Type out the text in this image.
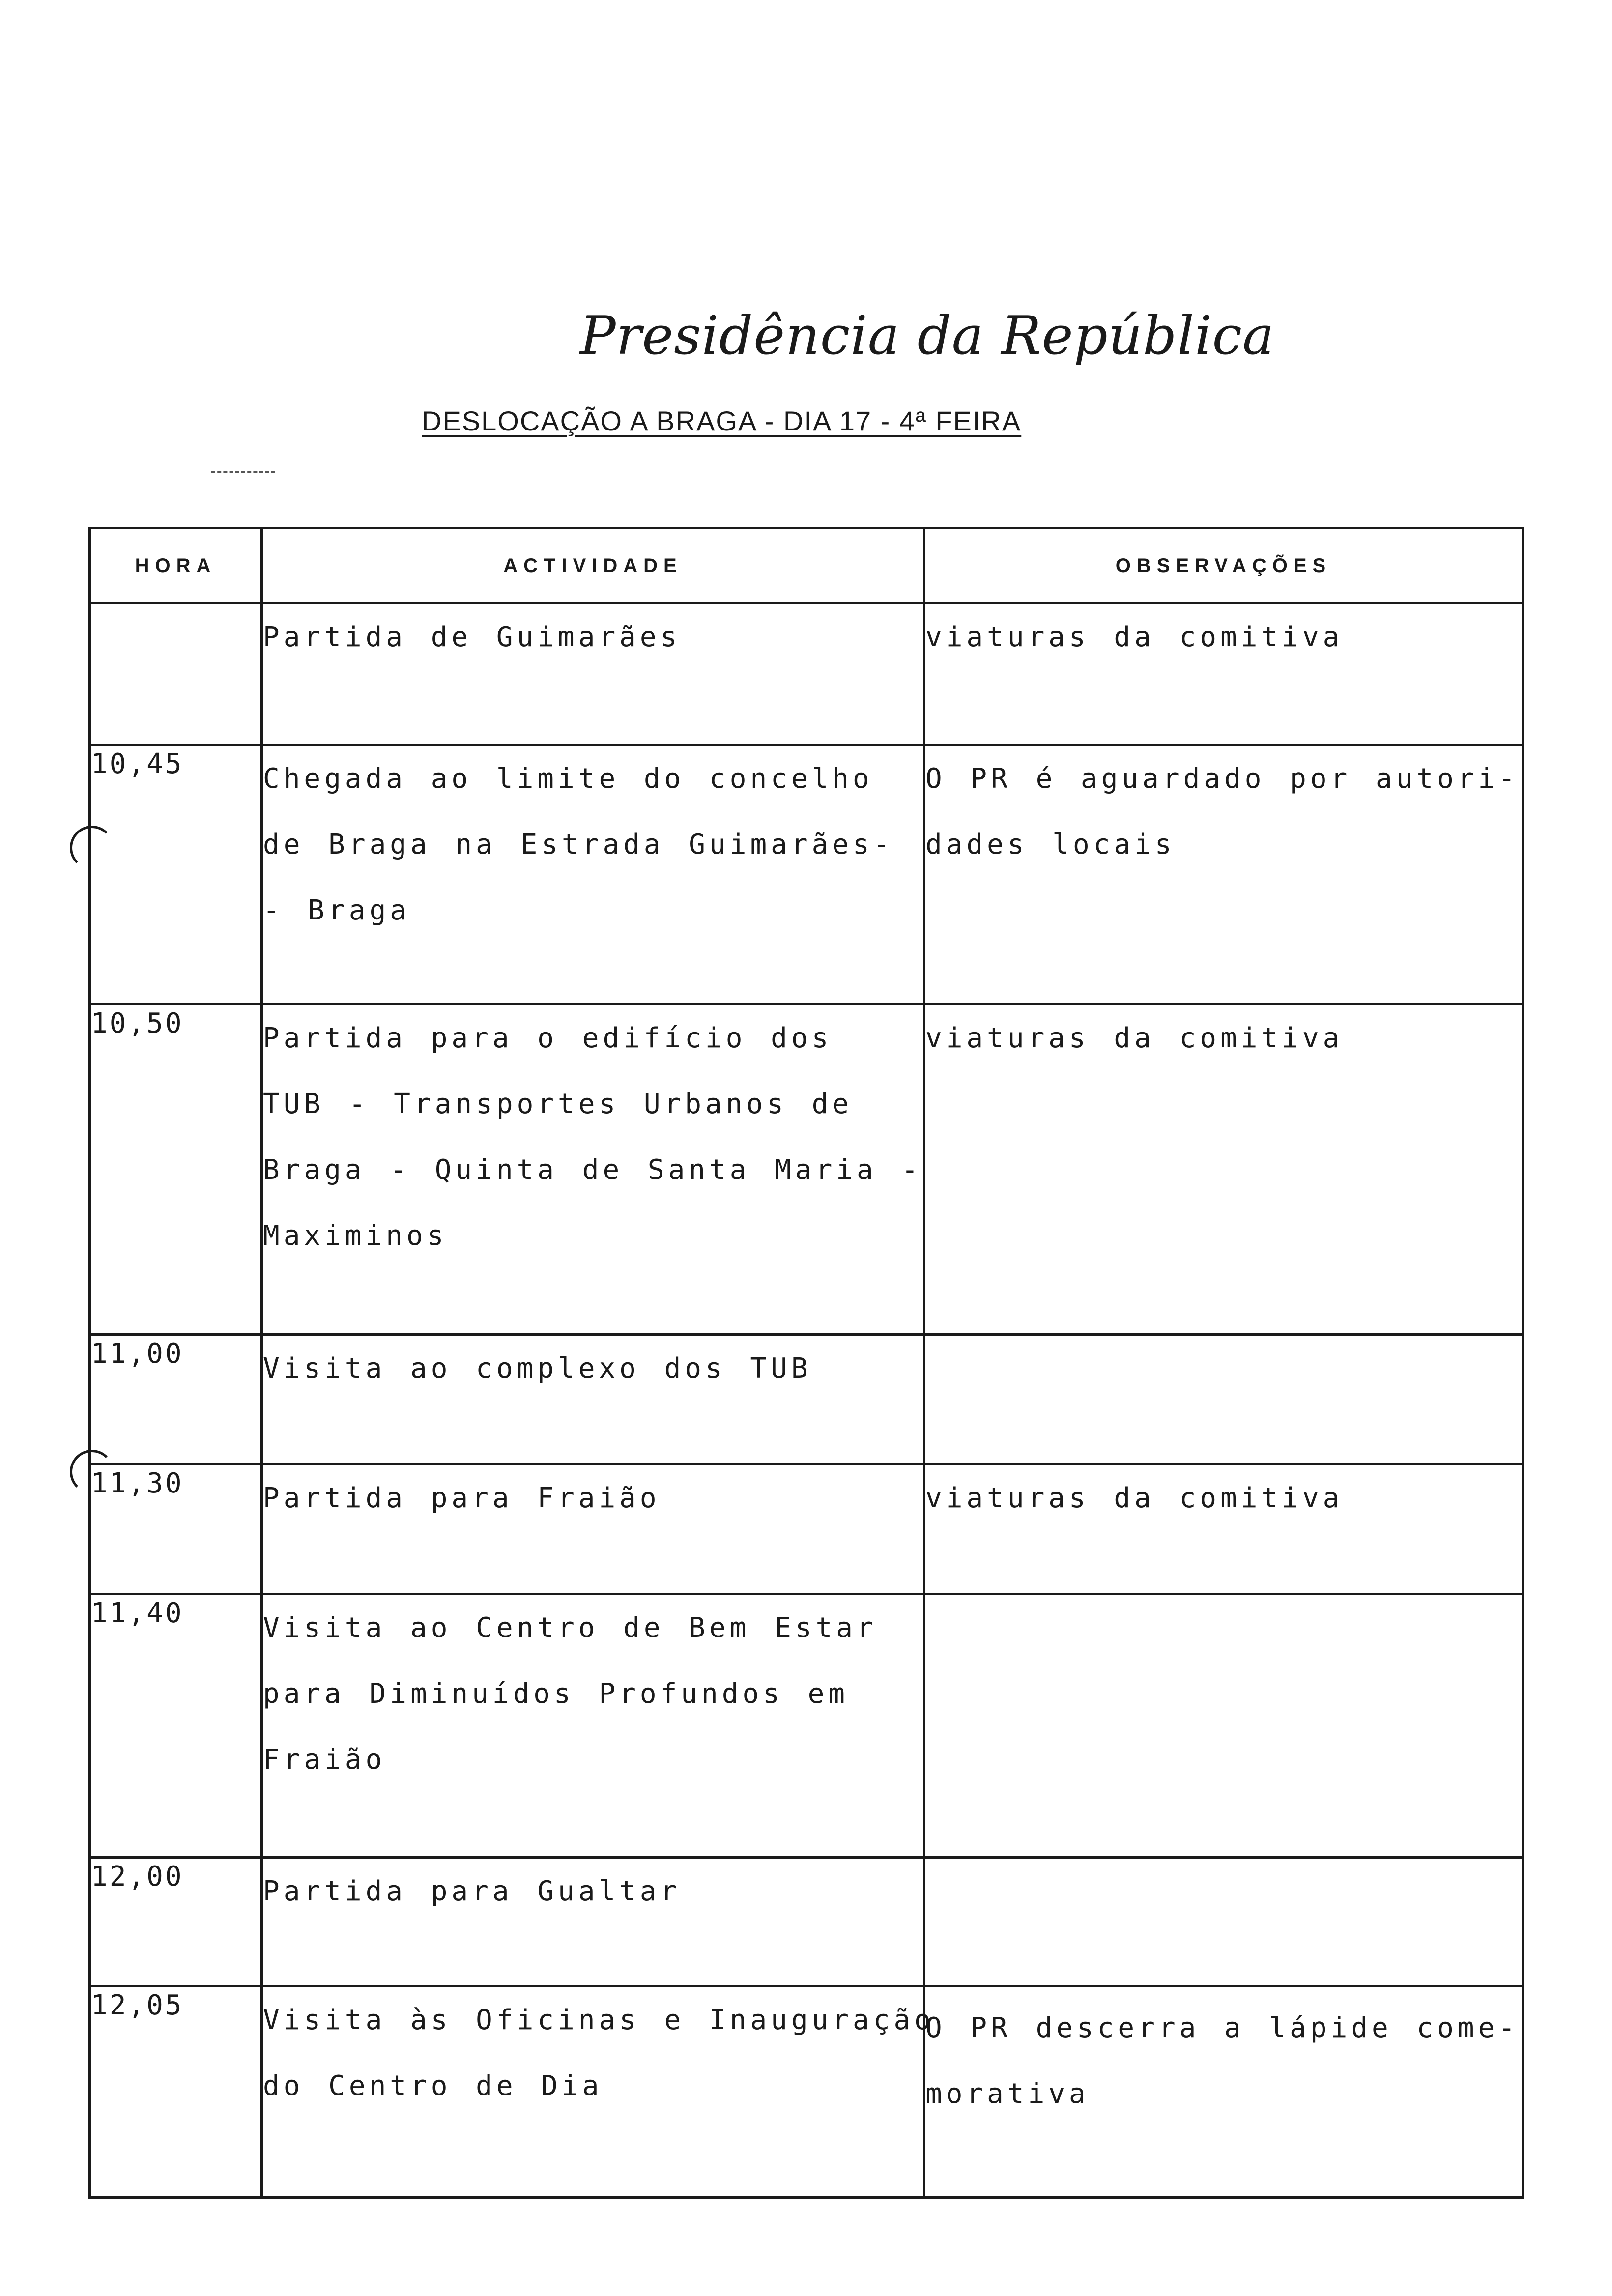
Presidência da República
DESLOCAÇÃO A BRAGA - DIA 17 - 4ª FEIRA
HORA	ACTIVIDADE	OBSERVAÇÕES

	Partida de Guimarães	viaturas da comitiva

10,45	Chegada ao limite do concelho
de Braga na Estrada Guimarães-
- Braga	O PR é aguardado por autori-
dades locais

10,50	Partida para o edifício dos
TUB - Transportes Urbanos de
Braga - Quinta de Santa Maria -
Maximinos	viaturas da comitiva

11,00	Visita ao complexo dos TUB	

11,30	Partida para Fraião	viaturas da comitiva

11,40	Visita ao Centro de Bem Estar
para Diminuídos Profundos em
Fraião	

12,00	Partida para Gualtar	

12,05	Visita às Oficinas e Inauguração
do Centro de Dia	O PR descerra a lápide come-
morativa
